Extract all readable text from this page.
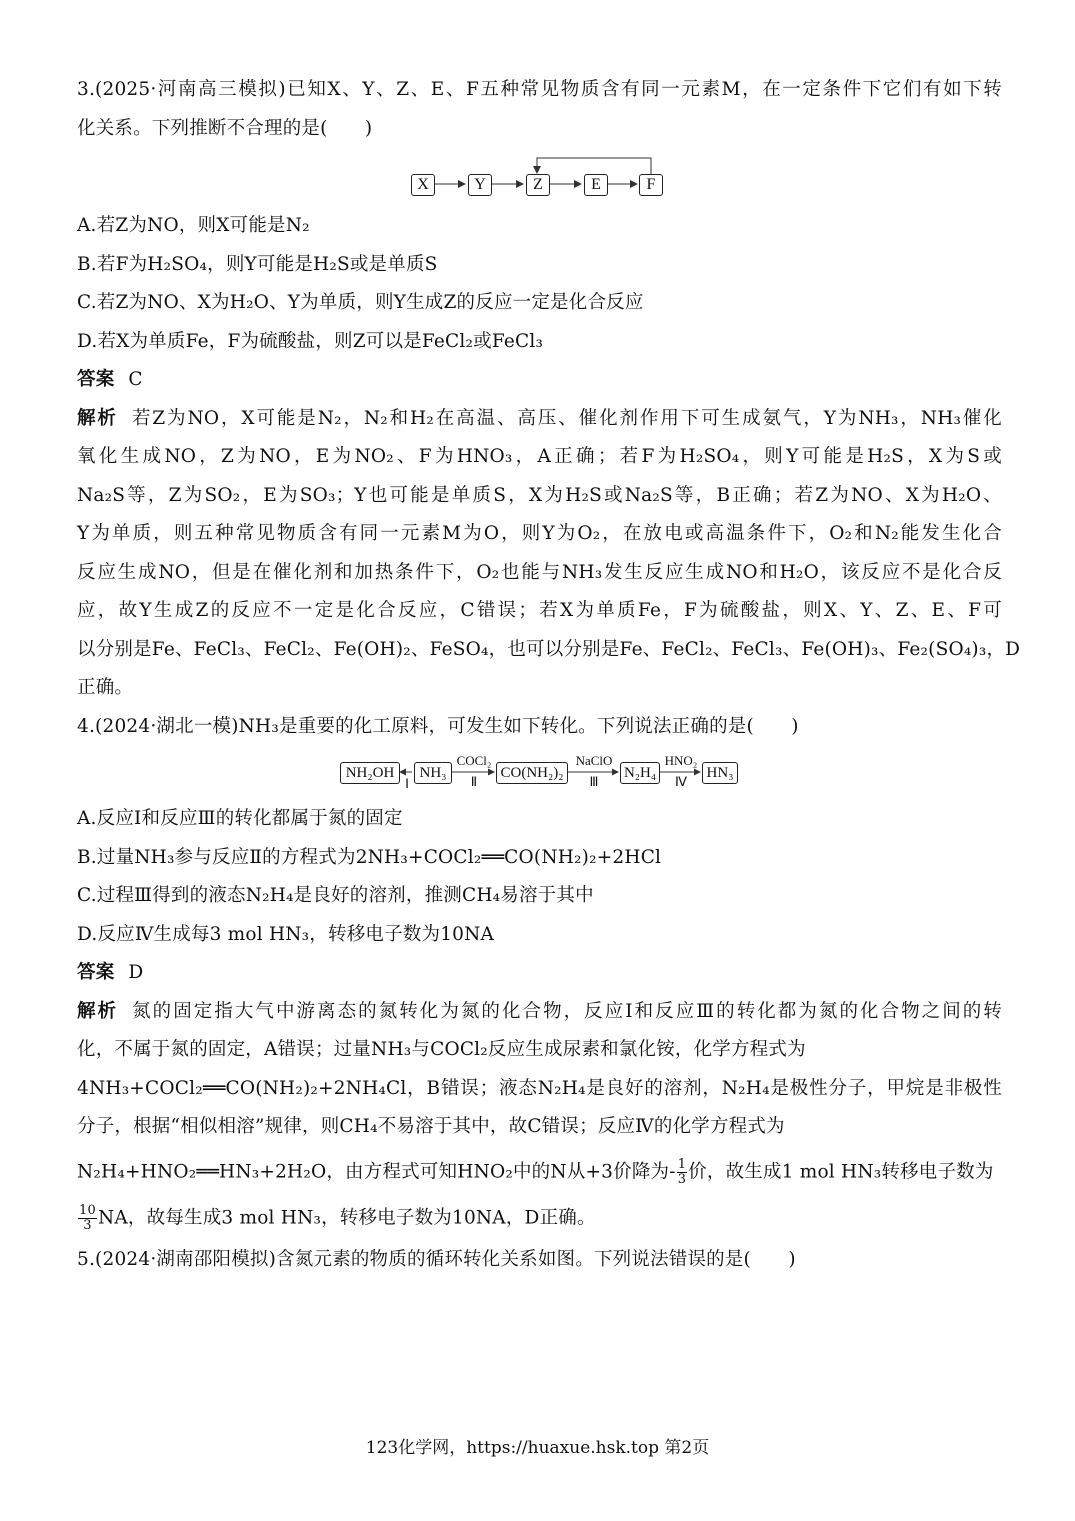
3.(2025·河南高三模拟)已知X、Y、Z、E、F五种常见物质含有同一元素M，在一定条件下它们有如下转
化关系。下列推断不合理的是(　　)
X	Y	Z	E	F
A.若Z为NO，则X可能是N₂
B.若F为H₂SO₄，则Y可能是H₂S或是单质S
C.若Z为NO、X为H₂O、Y为单质，则Y生成Z的反应一定是化合反应
D.若X为单质Fe，F为硫酸盐，则Z可以是FeCl₂或FeCl₃
答案 C
解析 若Z为NO，X可能是N₂，N₂和H₂在高温、高压、催化剂作用下可生成氨气，Y为NH₃，NH₃催化
氧化生成NO，Z为NO，E为NO₂、F为HNO₃，A正确；若F为H₂SO₄，则Y可能是H₂S，X为S或
Na₂S等，Z为SO₂，E为SO₃；Y也可能是单质S，X为H₂S或Na₂S等，B正确；若Z为NO、X为H₂O、
Y为单质，则五种常见物质含有同一元素M为O，则Y为O₂，在放电或高温条件下，O₂和N₂能发生化合
反应生成NO，但是在催化剂和加热条件下，O₂也能与NH₃发生反应生成NO和H₂O，该反应不是化合反
应，故Y生成Z的反应不一定是化合反应，C错误；若X为单质Fe，F为硫酸盐，则X、Y、Z、E、F可
以分别是Fe、FeCl₃、FeCl₂、Fe(OH)₂、FeSO₄，也可以分别是Fe、FeCl₂、FeCl₃、Fe(OH)₃、Fe₂(SO₄)₃，D
正确。
4.(2024·湖北一模)NH₃是重要的化工原料，可发生如下转化。下列说法正确的是(　　)
NH₂OH	NH₃	CO(NH₂)₂	N₂H₄	HN₃
Ⅰ
COCl₂
Ⅱ
NaClO
Ⅲ
HNO₂
Ⅳ
A.反应Ⅰ和反应Ⅲ的转化都属于氮的固定
B.过量NH₃参与反应Ⅱ的方程式为2NH₃+COCl₂══CO(NH₂)₂+2HCl
C.过程Ⅲ得到的液态N₂H₄是良好的溶剂，推测CH₄易溶于其中
D.反应Ⅳ生成每3 mol HN₃，转移电子数为10NA
答案 D
解析 氮的固定指大气中游离态的氮转化为氮的化合物，反应Ⅰ和反应Ⅲ的转化都为氮的化合物之间的转
化，不属于氮的固定，A错误；过量NH₃与COCl₂反应生成尿素和氯化铵，化学方程式为
4NH₃+COCl₂══CO(NH₂)₂+2NH₄Cl，B错误；液态N₂H₄是良好的溶剂，N₂H₄是极性分子，甲烷是非极性
分子，根据“相似相溶”规律，则CH₄不易溶于其中，故C错误；反应Ⅳ的化学方程式为
N₂H₄+HNO₂══HN₃+2H₂O，由方程式可知HNO₂中的N从+3价降为- $\frac{1}{3}$ 价，故生成1 mol HN₃转移电子数为
$\frac{10}{3}$ NA，故每生成3 mol HN₃，转移电子数为10NA，D正确。
5.(2024·湖南邵阳模拟)含氮元素的物质的循环转化关系如图。下列说法错误的是(　　)
123化学网，https://huaxue.hsk.top 第2页
